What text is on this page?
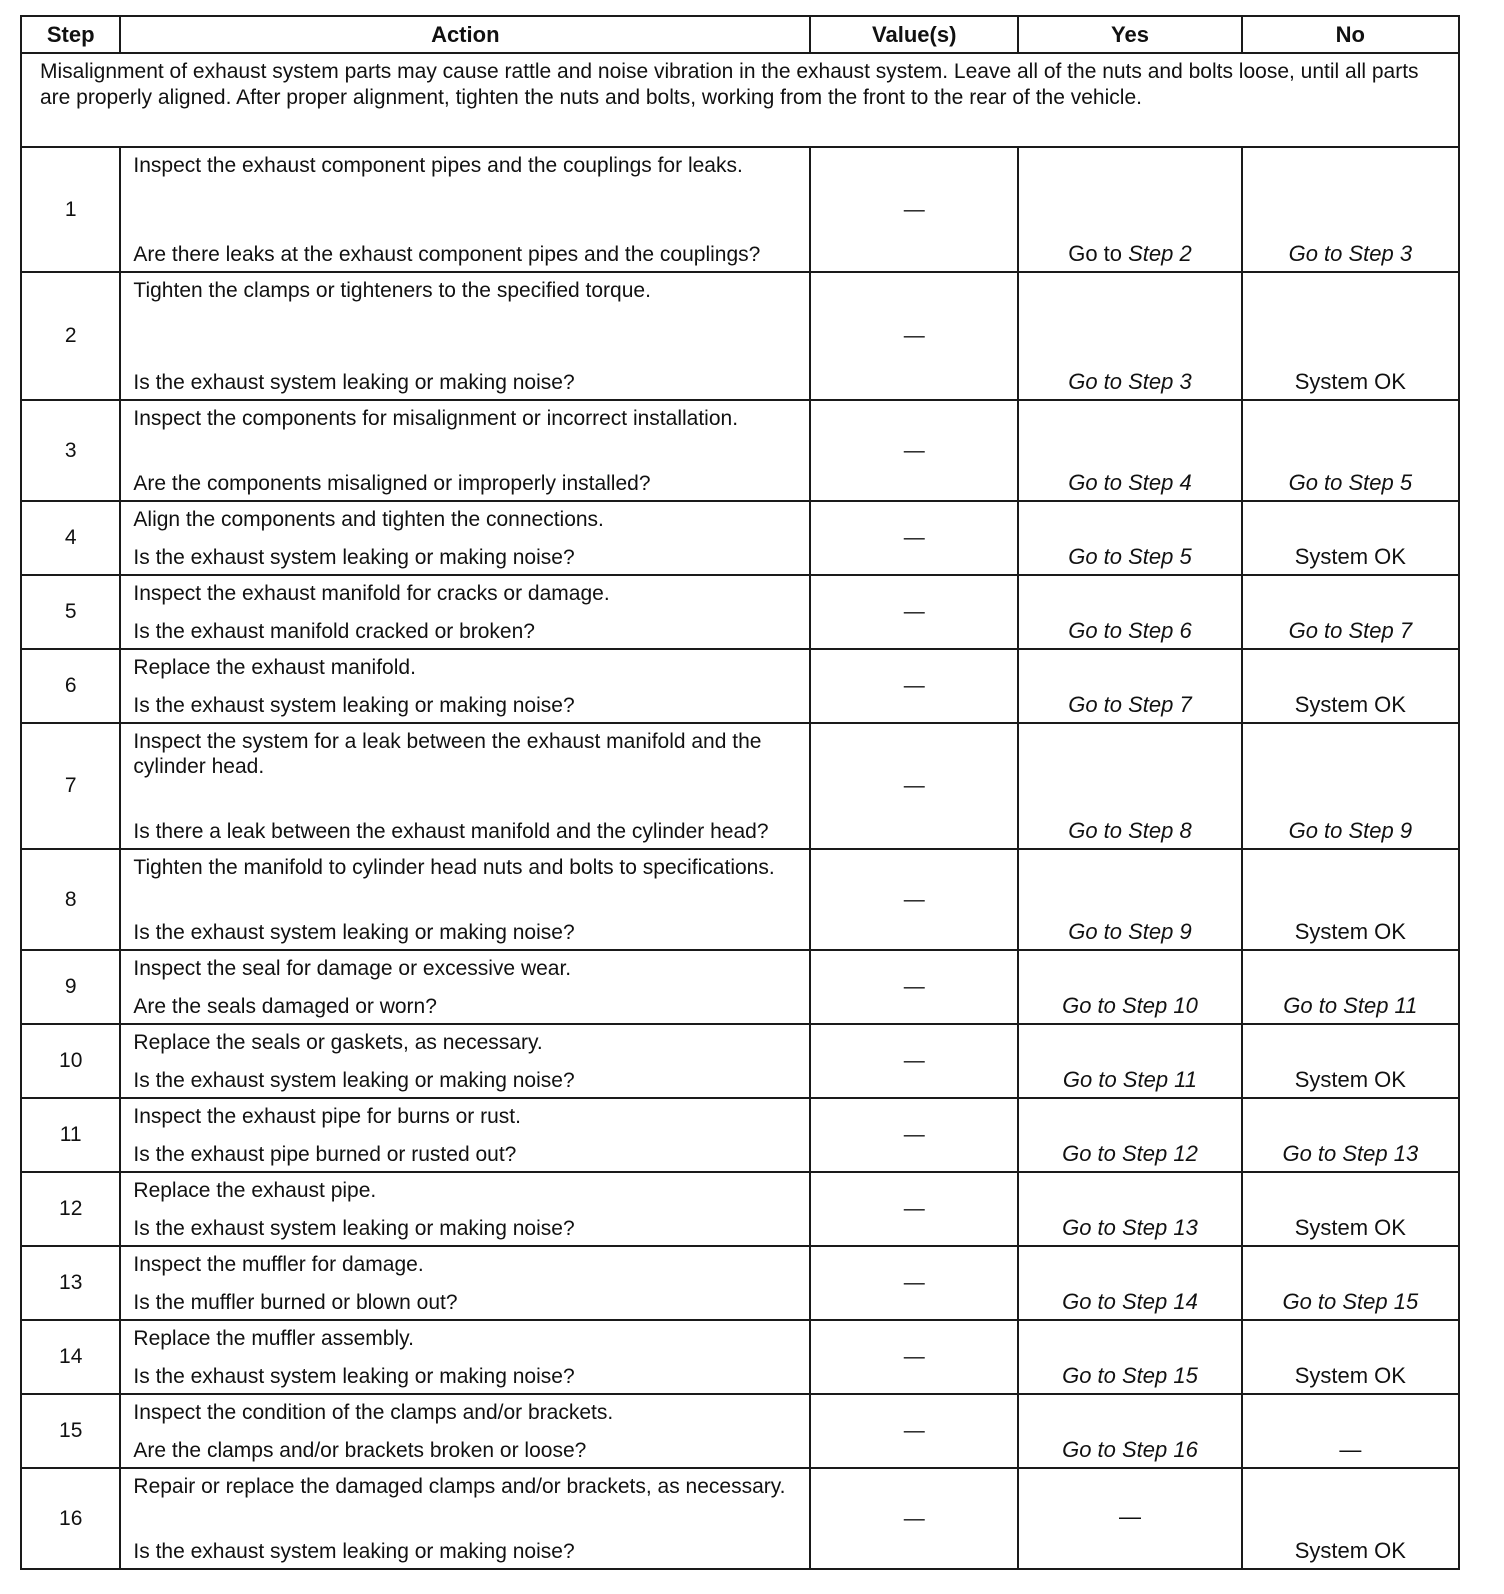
Step	Action	Value(s)	Yes	No
Misalignment of exhaust system parts may cause rattle and noise vibration in the exhaust system. Leave all of the nuts and bolts loose, until all parts are properly aligned. After proper alignment, tighten the nuts and bolts, working from the front to the rear of the vehicle.				
1	Inspect the exhaust component pipes and the couplings for leaks.

Are there leaks at the exhaust component pipes and the couplings?	—	Go to Step 2	Go to Step 3
2	Tighten the clamps or tighteners to the specified torque.

Is the exhaust system leaking or making noise?	—	Go to Step 3	System OK
3	Inspect the components for misalignment or incorrect installation.

Are the components misaligned or improperly installed?	—	Go to Step 4	Go to Step 5
4	Align the components and tighten the connections.

Is the exhaust system leaking or making noise?	—	Go to Step 5	System OK
5	Inspect the exhaust manifold for cracks or damage.

Is the exhaust manifold cracked or broken?	—	Go to Step 6	Go to Step 7
6	Replace the exhaust manifold.

Is the exhaust system leaking or making noise?	—	Go to Step 7	System OK
7	Inspect the system for a leak between the exhaust manifold and the cylinder head.

Is there a leak between the exhaust manifold and the cylinder head?	—	Go to Step 8	Go to Step 9
8	Tighten the manifold to cylinder head nuts and bolts to specifications.

Is the exhaust system leaking or making noise?	—	Go to Step 9	System OK
9	Inspect the seal for damage or excessive wear.

Are the seals damaged or worn?	—	Go to Step 10	Go to Step 11
10	Replace the seals or gaskets, as necessary.

Is the exhaust system leaking or making noise?	—	Go to Step 11	System OK
11	Inspect the exhaust pipe for burns or rust.

Is the exhaust pipe burned or rusted out?	—	Go to Step 12	Go to Step 13
12	Replace the exhaust pipe.

Is the exhaust system leaking or making noise?	—	Go to Step 13	System OK
13	Inspect the muffler for damage.

Is the muffler burned or blown out?	—	Go to Step 14	Go to Step 15
14	Replace the muffler assembly.

Is the exhaust system leaking or making noise?	—	Go to Step 15	System OK
15	Inspect the condition of the clamps and/or brackets.

Are the clamps and/or brackets broken or loose?	—	Go to Step 16	—
16	Repair or replace the damaged clamps and/or brackets, as necessary.

Is the exhaust system leaking or making noise?	—	—	System OK
